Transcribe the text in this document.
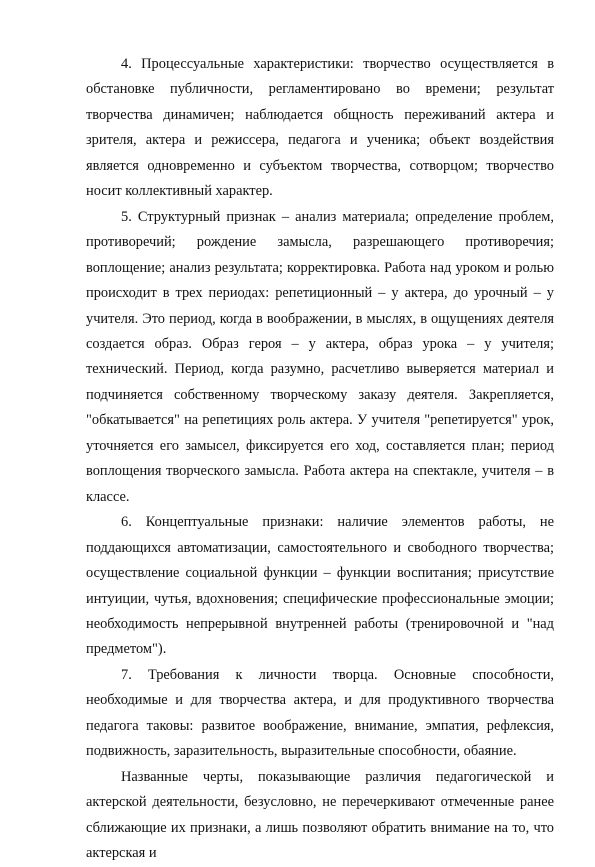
4. Процессуальные характеристики: творчество осуществляется в обстановке публичности, регламентировано во времени; результат творчества динамичен; наблюдается общность переживаний актера и зрителя, актера и режиссера, педагога и ученика; объект воздействия является одновременно и субъектом творчества, сотворцом; творчество носит коллективный характер.

5. Структурный признак – анализ материала; определение проблем, противоречий; рождение замысла, разрешающего противоречия; воплощение; анализ результата; корректировка. Работа над уроком и ролью происходит в трех периодах: репетиционный – у актера, до урочный – у учителя. Это период, когда в воображении, в мыслях, в ощущениях деятеля создается образ. Образ героя – у актера, образ урока – у учителя; технический. Период, когда разумно, расчетливо выверяется материал и подчиняется собственному творческому заказу деятеля. Закрепляется, "обкатывается" на репетициях роль актера. У учителя "репетируется" урок, уточняется его замысел, фиксируется его ход, составляется план; период воплощения творческого замысла. Работа актера на спектакле, учителя – в классе.

6. Концептуальные признаки: наличие элементов работы, не поддающихся автоматизации, самостоятельного и свободного творчества; осуществление социальной функции – функции воспитания; присутствие интуиции, чутья, вдохновения; специфические профессиональные эмоции; необходимость непрерывной внутренней работы (тренировочной и "над предметом").

7. Требования к личности творца. Основные способности, необходимые и для творчества актера, и для продуктивного творчества педагога таковы: развитое воображение, внимание, эмпатия, рефлексия, подвижность, заразительность, выразительные способности, обаяние.

Названные черты, показывающие различия педагогической и актерской деятельности, безусловно, не перечеркивают отмеченные ранее сближающие их признаки, а лишь позволяют обратить внимание на то, что актерская и
